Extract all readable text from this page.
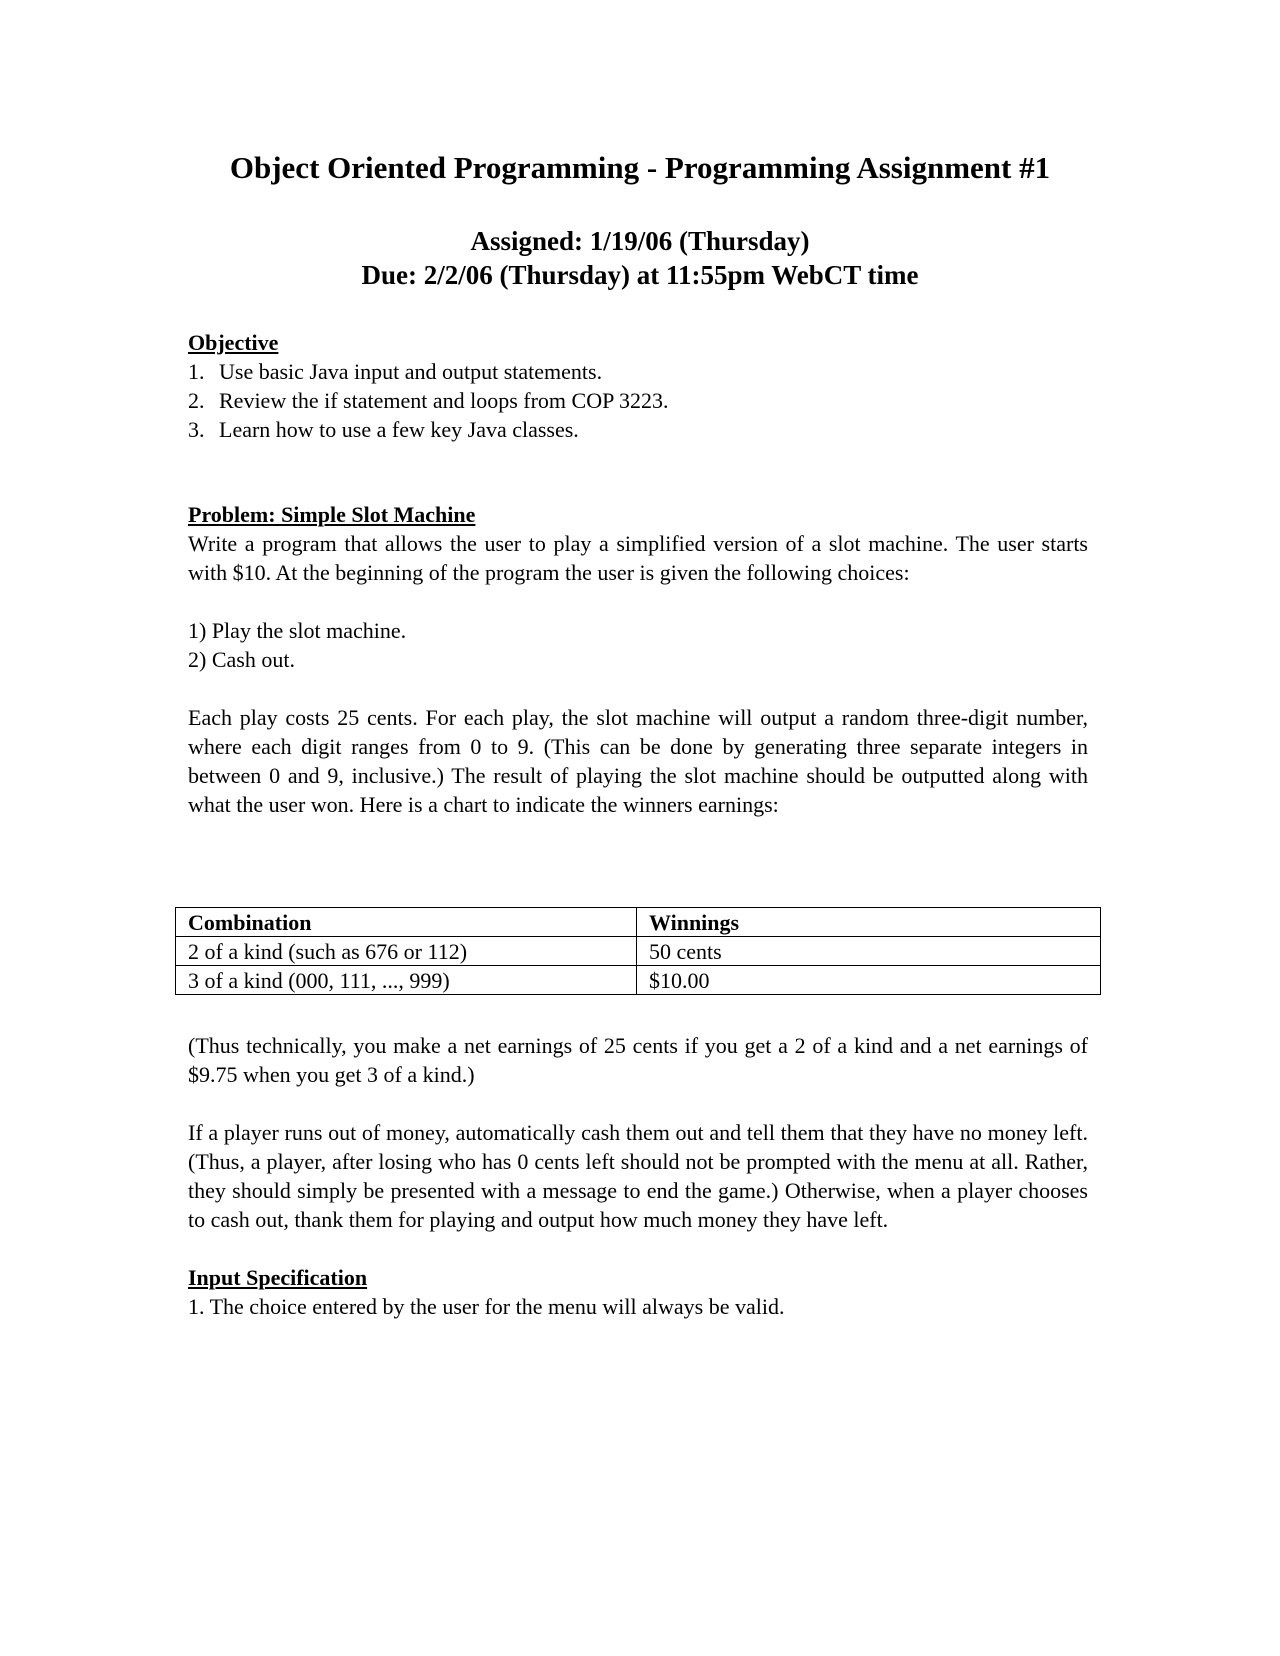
Object Oriented Programming - Programming Assignment #1
Assigned: 1/19/06 (Thursday)
Due: 2/2/06 (Thursday) at 11:55pm WebCT time
Objective
1. Use basic Java input and output statements.
2. Review the if statement and loops from COP 3223.
3. Learn how to use a few key Java classes.
Problem: Simple Slot Machine

Write a program that allows the user to play a simplified version of a slot machine. The user starts with $10. At the beginning of the program the user is given the following choices:

1) Play the slot machine.
2) Cash out.

Each play costs 25 cents. For each play, the slot machine will output a random three-digit number, where each digit ranges from 0 to 9. (This can be done by generating three separate integers in between 0 and 9, inclusive.) The result of playing the slot machine should be outputted along with what the user won. Here is a chart to indicate the winners earnings:

Combination	Winnings
2 of a kind (such as 676 or 112)	50 cents
3 of a kind (000, 111, ..., 999)	$10.00

(Thus technically, you make a net earnings of 25 cents if you get a 2 of a kind and a net earnings of $9.75 when you get 3 of a kind.)

If a player runs out of money, automatically cash them out and tell them that they have no money left. (Thus, a player, after losing who has 0 cents left should not be prompted with the menu at all. Rather, they should simply be presented with a message to end the game.) Otherwise, when a player chooses to cash out, thank them for playing and output how much money they have left.

Input Specification
1. The choice entered by the user for the menu will always be valid.
